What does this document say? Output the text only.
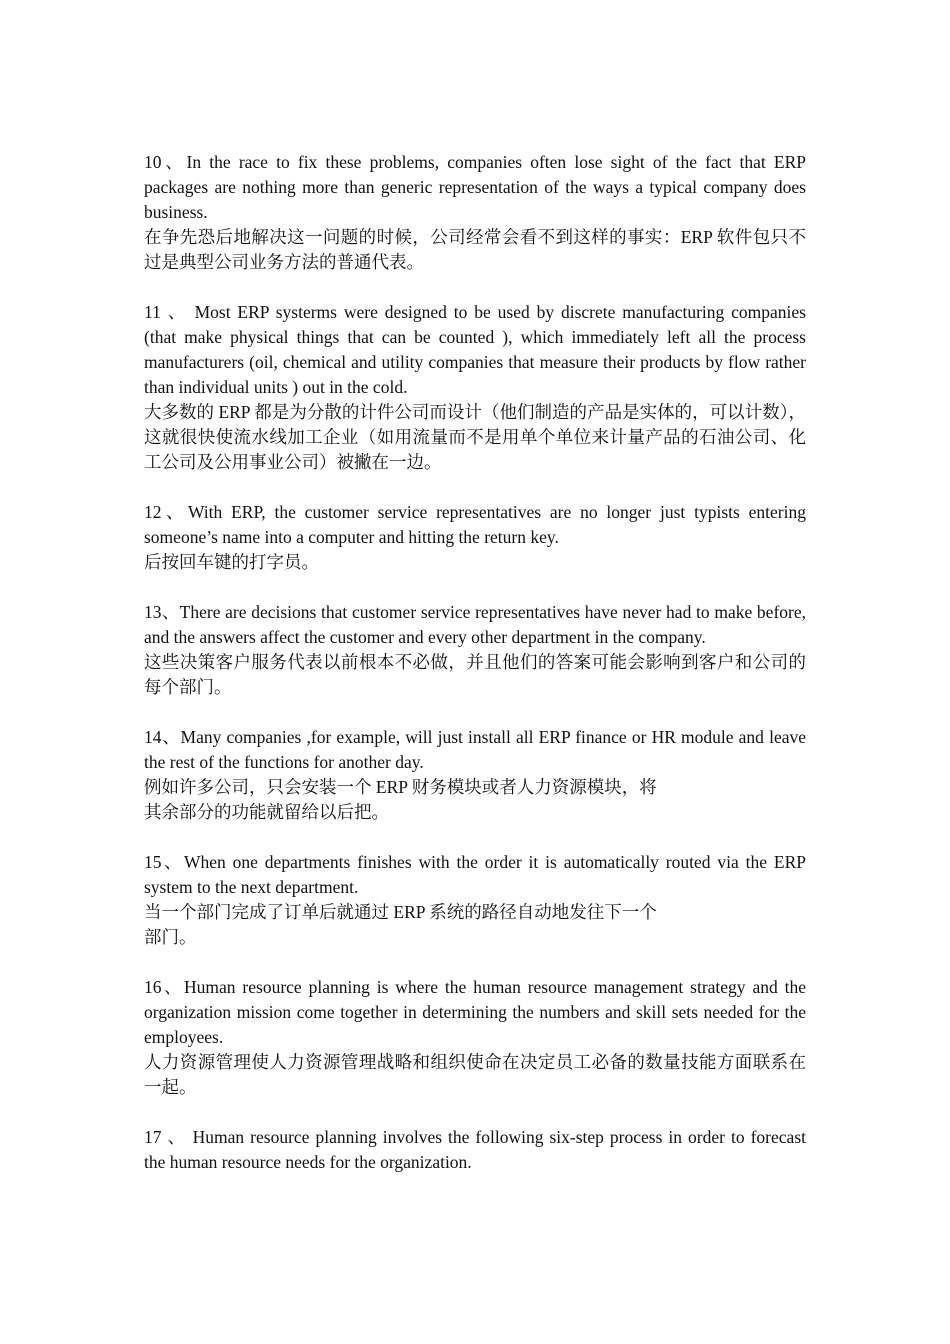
10、In the race to fix these problems, companies often lose sight of the fact that ERP packages are nothing more than generic representation of the ways a typical company does business.

在争先恐后地解决这一问题的时候，公司经常会看不到这样的事实：ERP 软件包只不过是典型公司业务方法的普通代表。

11 、 Most ERP systerms were designed to be used by discrete manufacturing companies (that make physical things that can be counted ), which immediately left all the process manufacturers (oil, chemical and utility companies that measure their products by flow rather than individual units ) out in the cold.

大多数的 ERP 都是为分散的计件公司而设计（他们制造的产品是实体的，可以计数），这就很快使流水线加工企业（如用流量而不是用单个单位来计量产品的石油公司、化工公司及公用事业公司）被撇在一边。

12、With ERP, the customer service representatives are no longer just typists entering someone’s name into a computer and hitting the return key.

后按回车键的打字员。

13、There are decisions that customer service representatives have never had to make before, and the answers affect the customer and every other department in the company.

这些决策客户服务代表以前根本不必做，并且他们的答案可能会影响到客户和公司的每个部门。

14、Many companies ,for example, will just install all ERP finance or HR module and leave the rest of the functions for another day.

例如许多公司，只会安装一个 ERP 财务模块或者人力资源模块，将

其余部分的功能就留给以后把。

15、When one departments finishes with the order it is automatically routed via the ERP system to the next department.

当一个部门完成了订单后就通过 ERP 系统的路径自动地发往下一个

部门。

16、Human resource planning is where the human resource management strategy and the organization mission come together in determining the numbers and skill sets needed for the employees.

人力资源管理使人力资源管理战略和组织使命在决定员工必备的数量技能方面联系在一起。

17 、 Human resource planning involves the following six-step process in order to forecast the human resource needs for the organization.
